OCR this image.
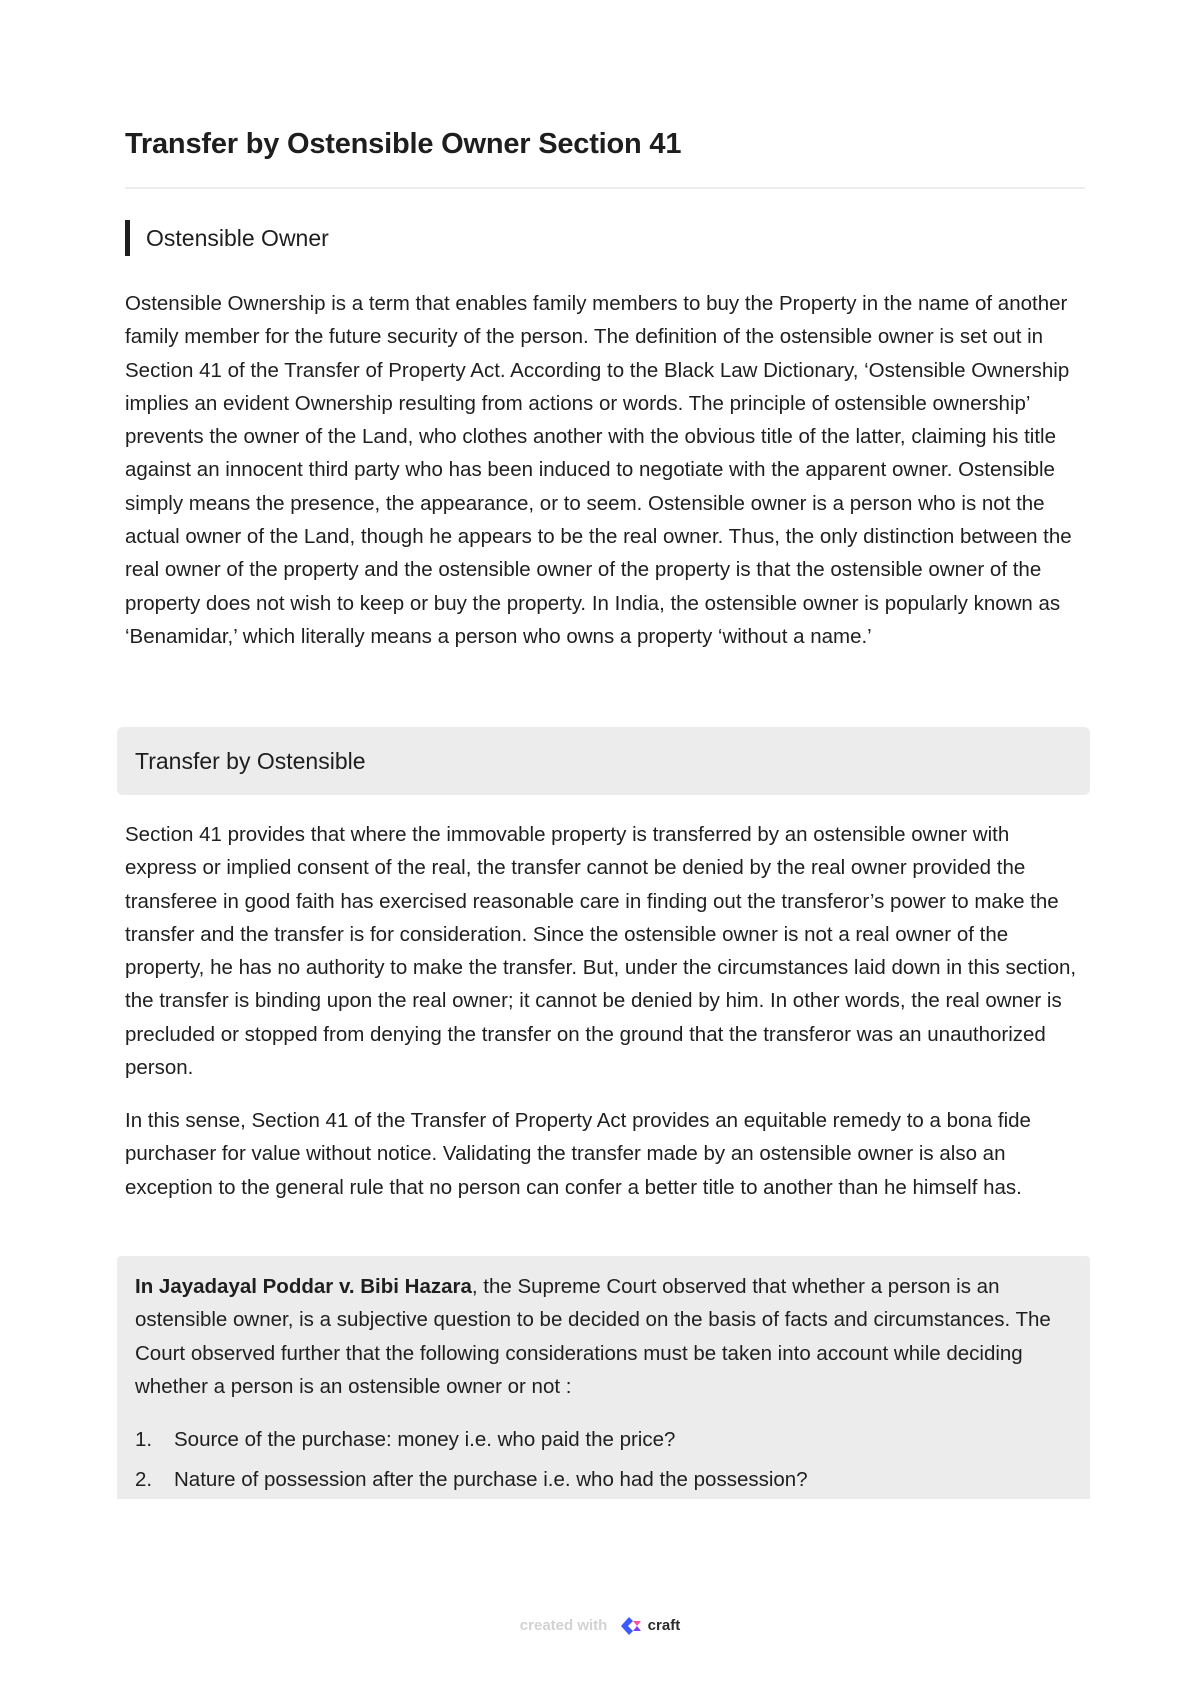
Transfer by Ostensible Owner Section 41
Ostensible Owner

Ostensible Ownership is a term that enables family members to buy the Property in the name of another family member for the future security of the person. The definition of the ostensible owner is set out in Section 41 of the Transfer of Property Act. According to the Black Law Dictionary, ‘Ostensible Ownership implies an evident Ownership resulting from actions or words. The principle of ostensible ownership’ prevents the owner of the Land, who clothes another with the obvious title of the latter, claiming his title against an innocent third party who has been induced to negotiate with the apparent owner. Ostensible simply means the presence, the appearance, or to seem. Ostensible owner is a person who is not the actual owner of the Land, though he appears to be the real owner. Thus, the only distinction between the real owner of the property and the ostensible owner of the property is that the ostensible owner of the property does not wish to keep or buy the property. In India, the ostensible owner is popularly known as ‘Benamidar,’ which literally means a person who owns a property ‘without a name.’

Transfer by Ostensible

Section 41 provides that where the immovable property is transferred by an ostensible owner with express or implied consent of the real, the transfer cannot be denied by the real owner provided the transferee in good faith has exercised reasonable care in finding out the transferor’s power to make the transfer and the transfer is for consideration. Since the ostensible owner is not a real owner of the property, he has no authority to make the transfer. But, under the circumstances laid down in this section, the transfer is binding upon the real owner; it cannot be denied by him. In other words, the real owner is precluded or stopped from denying the transfer on the ground that the transferor was an unauthorized person.

In this sense, Section 41 of the Transfer of Property Act provides an equitable remedy to a bona fide purchaser for value without notice. Validating the transfer made by an ostensible owner is also an exception to the general rule that no person can confer a better title to another than he himself has.

In Jayadayal Poddar v. Bibi Hazara, the Supreme Court observed that whether a person is an ostensible owner, is a subjective question to be decided on the basis of facts and circumstances. The Court observed further that the following considerations must be taken into account while deciding whether a person is an ostensible owner or not :

1.	Source of the purchase: money i.e. who paid the price?
2.	Nature of possession after the purchase i.e. who had the possession?
created with	craft
